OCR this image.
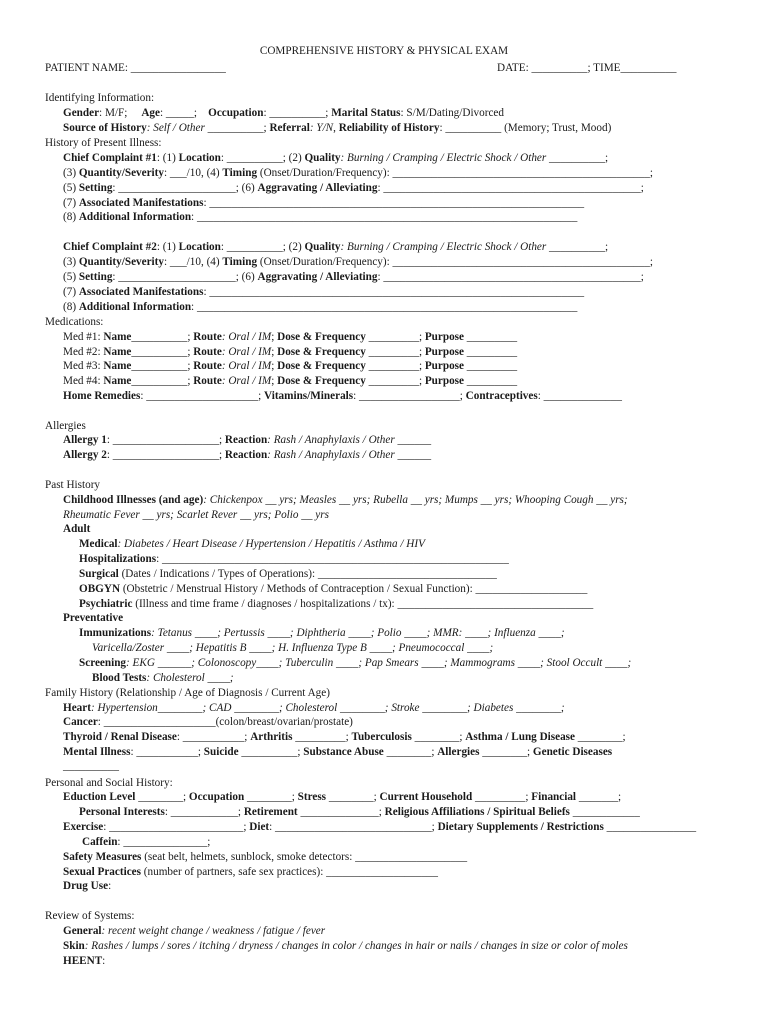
COMPREHENSIVE HISTORY & PHYSICAL EXAM
PATIENT NAME: _________________	DATE: __________; TIME__________
Identifying Information:
Gender: M/F; Age: _____; Occupation: __________; Marital Status: S/M/Dating/Divorced
Source of History: Self / Other __________; Referral: Y/N, Reliability of History: __________ (Memory; Trust, Mood)
History of Present Illness:
Chief Complaint #1: (1) Location: __________; (2) Quality: Burning / Cramping / Electric Shock / Other __________;
(3) Quantity/Severity: ___/10, (4) Timing (Onset/Duration/Frequency): ______________________________________________;
(5) Setting: _____________________; (6) Aggravating / Alleviating: ______________________________________________;
(7) Associated Manifestations: ___________________________________________________________________
(8) Additional Information: ____________________________________________________________________
Chief Complaint #2: (1) Location: __________; (2) Quality: Burning / Cramping / Electric Shock / Other __________;
(3) Quantity/Severity: ___/10, (4) Timing (Onset/Duration/Frequency): ______________________________________________;
(5) Setting: _____________________; (6) Aggravating / Alleviating: ______________________________________________;
(7) Associated Manifestations: ___________________________________________________________________
(8) Additional Information: ____________________________________________________________________
Medications:
Med #1: Name__________; Route: Oral / IM; Dose & Frequency _________; Purpose _________
Med #2: Name__________; Route: Oral / IM; Dose & Frequency _________; Purpose _________
Med #3: Name__________; Route: Oral / IM; Dose & Frequency _________; Purpose _________
Med #4: Name__________; Route: Oral / IM; Dose & Frequency _________; Purpose _________
Home Remedies: ____________________; Vitamins/Minerals: __________________; Contraceptives: ______________
Allergies
Allergy 1: ___________________; Reaction: Rash / Anaphylaxis / Other ______
Allergy 2: ___________________; Reaction: Rash / Anaphylaxis / Other ______
Past History
Childhood Illnesses (and age): Chickenpox __ yrs; Measles __ yrs; Rubella __ yrs; Mumps __ yrs; Whooping Cough __ yrs;
Rheumatic Fever __ yrs; Scarlet Rever __ yrs; Polio __ yrs
Adult
Medical: Diabetes / Heart Disease / Hypertension / Hepatitis / Asthma / HIV
Hospitalizations: ______________________________________________________________
Surgical (Dates / Indications / Types of Operations): ________________________________
OBGYN (Obstetric / Menstrual History / Methods of Contraception / Sexual Function): ____________________
Psychiatric (Illness and time frame / diagnoses / hospitalizations / tx): ___________________________________
Preventative
Immunizations: Tetanus ____; Pertussis ____; Diphtheria ____; Polio ____; MMR: ____; Influenza ____;
Varicella/Zoster ____; Hepatitis B ____; H. Influenza Type B ____; Pneumococcal ____;
Screening: EKG ______; Colonoscopy____; Tuberculin ____; Pap Smears ____; Mammograms ____; Stool Occult ____;
Blood Tests: Cholesterol ____;
Family History (Relationship / Age of Diagnosis / Current Age)
Heart: Hypertension________; CAD ________; Cholesterol ________; Stroke ________; Diabetes ________;
Cancer: ____________________(colon/breast/ovarian/prostate)
Thyroid / Renal Disease: ___________; Arthritis _________; Tuberculosis ________; Asthma / Lung Disease ________;
Mental Illness: ___________; Suicide __________; Substance Abuse ________; Allergies ________; Genetic Diseases
__________
Personal and Social History:
Eduction Level ________; Occupation ________; Stress ________; Current Household _________; Financial _______;
Personal Interests: ____________; Retirement ______________; Religious Affiliations / Spiritual Beliefs ____________
Exercise: ________________________; Diet: ____________________________; Dietary Supplements / Restrictions ________________
Caffein: _______________;
Safety Measures (seat belt, helmets, sunblock, smoke detectors: ____________________
Sexual Practices (number of partners, safe sex practices): ____________________
Drug Use:
Review of Systems:
General: recent weight change / weakness / fatigue / fever
Skin: Rashes / lumps / sores / itching / dryness / changes in color / changes in hair or nails / changes in size or color of moles
HEENT:
